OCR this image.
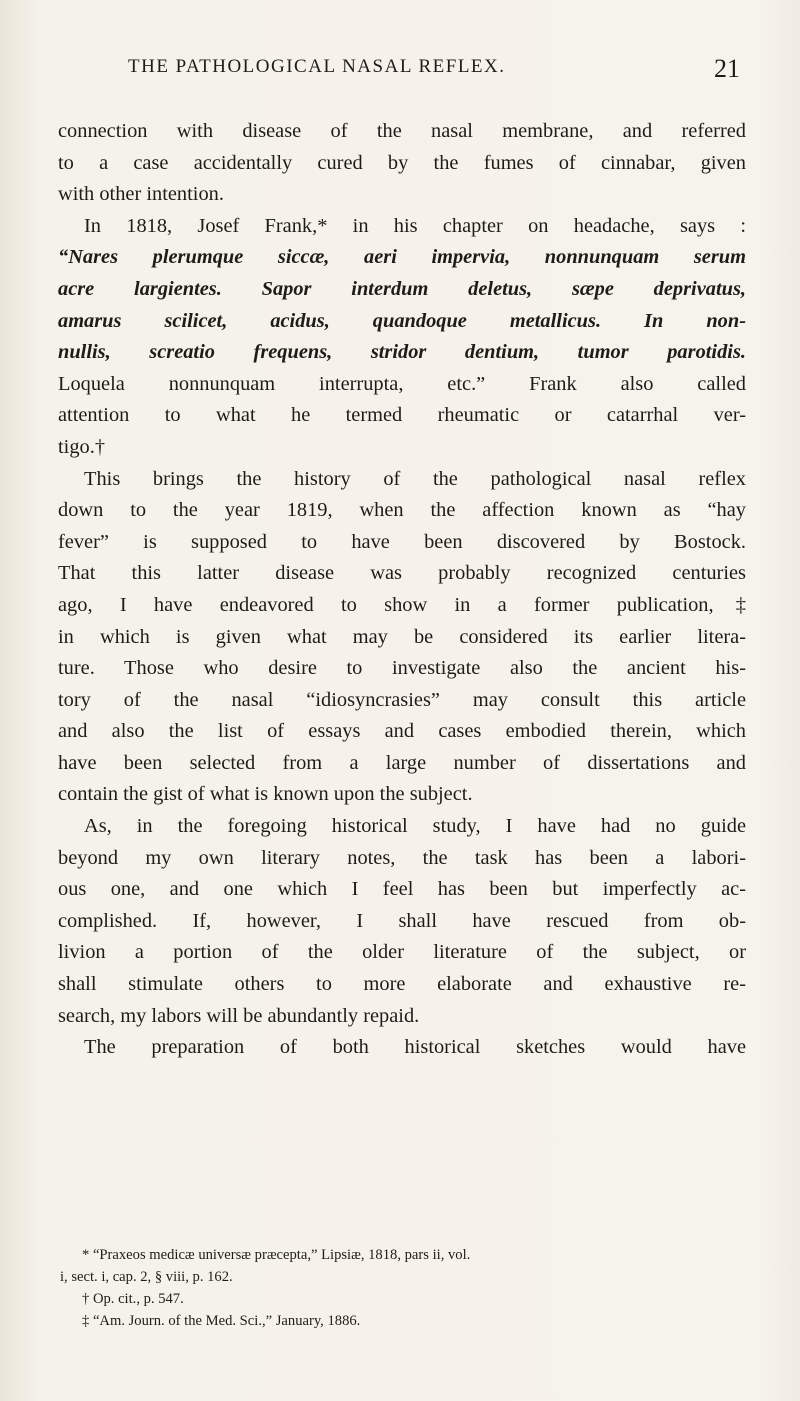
THE PATHOLOGICAL NASAL REFLEX.	21

connection with disease of the nasal membrane, and referred
to a case accidentally cured by the fumes of cinnabar, given
with other intention.

In 1818, Josef Frank,* in his chapter on headache, says :
“Nares plerumque siccæ, aeri impervia, nonnunquam serum
acre largientes. Sapor interdum deletus, sæpe deprivatus,
amarus scilicet, acidus, quandoque metallicus. In non-
nullis, screatio frequens, stridor dentium, tumor parotidis.
Loquela nonnunquam interrupta, etc.” Frank also called
attention to what he termed rheumatic or catarrhal ver-
tigo.†

This brings the history of the pathological nasal reflex
down to the year 1819, when the affection known as “hay
fever” is supposed to have been discovered by Bostock.
That this latter disease was probably recognized centuries
ago, I have endeavored to show in a former publication,‡
in which is given what may be considered its earlier litera-
ture. Those who desire to investigate also the ancient his-
tory of the nasal “idiosyncrasies” may consult this article
and also the list of essays and cases embodied therein, which
have been selected from a large number of dissertations and
contain the gist of what is known upon the subject.

As, in the foregoing historical study, I have had no guide
beyond my own literary notes, the task has been a labori-
ous one, and one which I feel has been but imperfectly ac-
complished. If, however, I shall have rescued from ob-
livion a portion of the older literature of the subject, or
shall stimulate others to more elaborate and exhaustive re-
search, my labors will be abundantly repaid.

The preparation of both historical sketches would have

* “Praxeos medicæ universæ præcepta,” Lipsiæ, 1818, pars ii, vol.
i, sect. i, cap. 2, § viii, p. 162.
† Op. cit., p. 547.
‡ “Am. Journ. of the Med. Sci.,” January, 1886.
